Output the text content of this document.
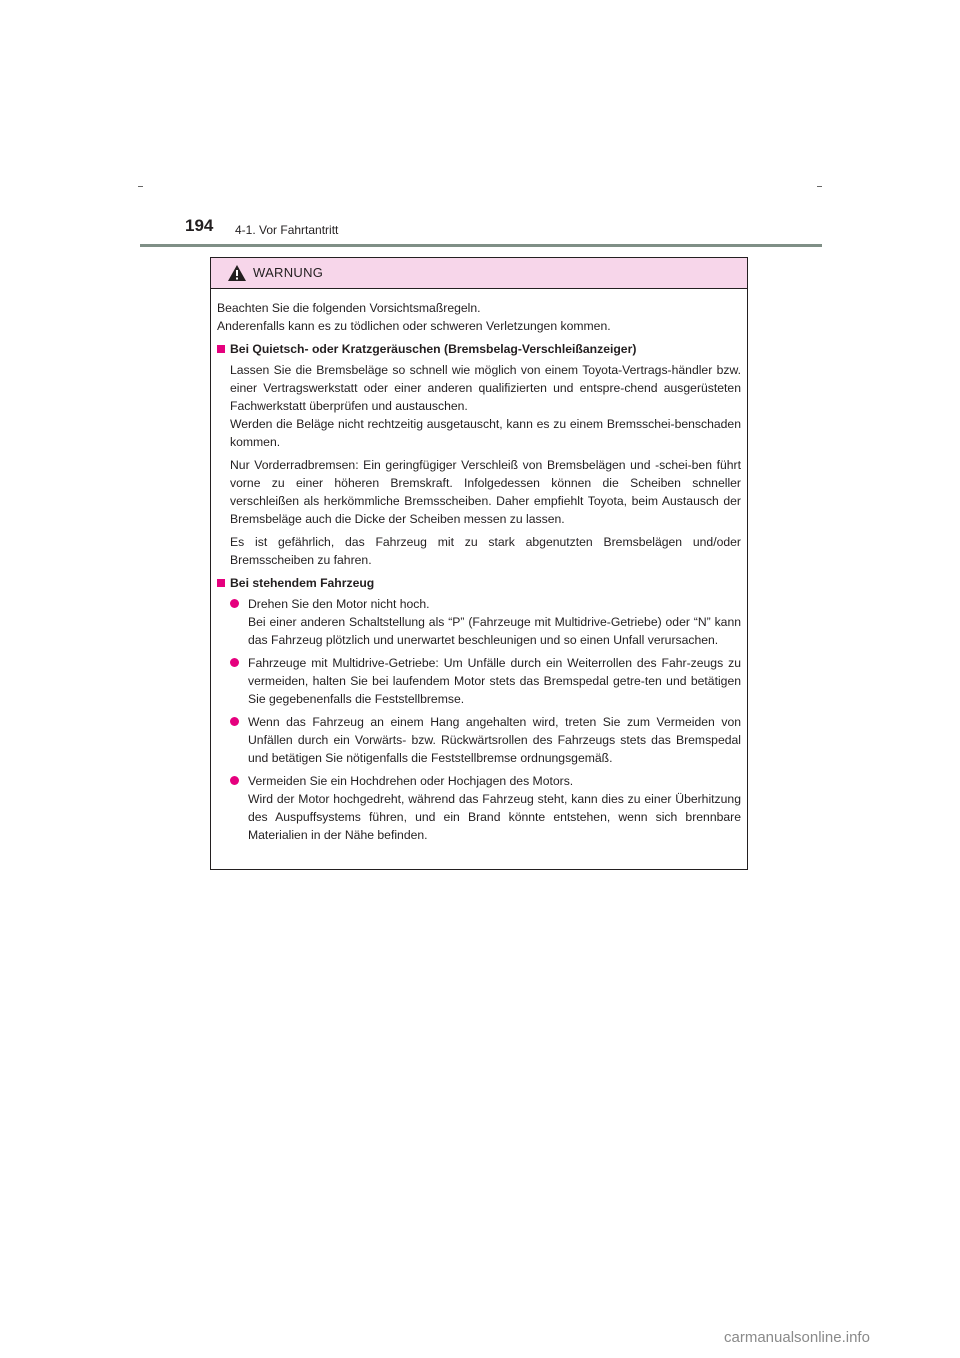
194 4-1. Vor Fahrtantritt
WARNUNG

Beachten Sie die folgenden Vorsichtsmaßregeln.

Anderenfalls kann es zu tödlichen oder schweren Verletzungen kommen.

Bei Quietsch- oder Kratzgeräuschen (Bremsbelag-Verschleißanzeiger)

Lassen Sie die Bremsbeläge so schnell wie möglich von einem Toyota-Vertrags-händler bzw. einer Vertragswerkstatt oder einer anderen qualifizierten und entspre-chend ausgerüsteten Fachwerkstatt überprüfen und austauschen.
Werden die Beläge nicht rechtzeitig ausgetauscht, kann es zu einem Bremsschei-benschaden kommen.

Nur Vorderradbremsen: Ein geringfügiger Verschleiß von Bremsbelägen und -schei-ben führt vorne zu einer höheren Bremskraft. Infolgedessen können die Scheiben schneller verschleißen als herkömmliche Bremsscheiben. Daher empfiehlt Toyota, beim Austausch der Bremsbeläge auch die Dicke der Scheiben messen zu lassen.

Es ist gefährlich, das Fahrzeug mit zu stark abgenutzten Bremsbelägen und/oder Bremsscheiben zu fahren.

Bei stehendem Fahrzeug
Drehen Sie den Motor nicht hoch.
Bei einer anderen Schaltstellung als “P” (Fahrzeuge mit Multidrive-Getriebe) oder “N” kann das Fahrzeug plötzlich und unerwartet beschleunigen und so einen Unfall verursachen.
Fahrzeuge mit Multidrive-Getriebe: Um Unfälle durch ein Weiterrollen des Fahr-zeugs zu vermeiden, halten Sie bei laufendem Motor stets das Bremspedal getre-ten und betätigen Sie gegebenenfalls die Feststellbremse.
Wenn das Fahrzeug an einem Hang angehalten wird, treten Sie zum Vermeiden von Unfällen durch ein Vorwärts- bzw. Rückwärtsrollen des Fahrzeugs stets das Bremspedal und betätigen Sie nötigenfalls die Feststellbremse ordnungsgemäß.
Vermeiden Sie ein Hochdrehen oder Hochjagen des Motors.
Wird der Motor hochgedreht, während das Fahrzeug steht, kann dies zu einer Überhitzung des Auspuffsystems führen, und ein Brand könnte entstehen, wenn sich brennbare Materialien in der Nähe befinden.
carmanualsonline.info
